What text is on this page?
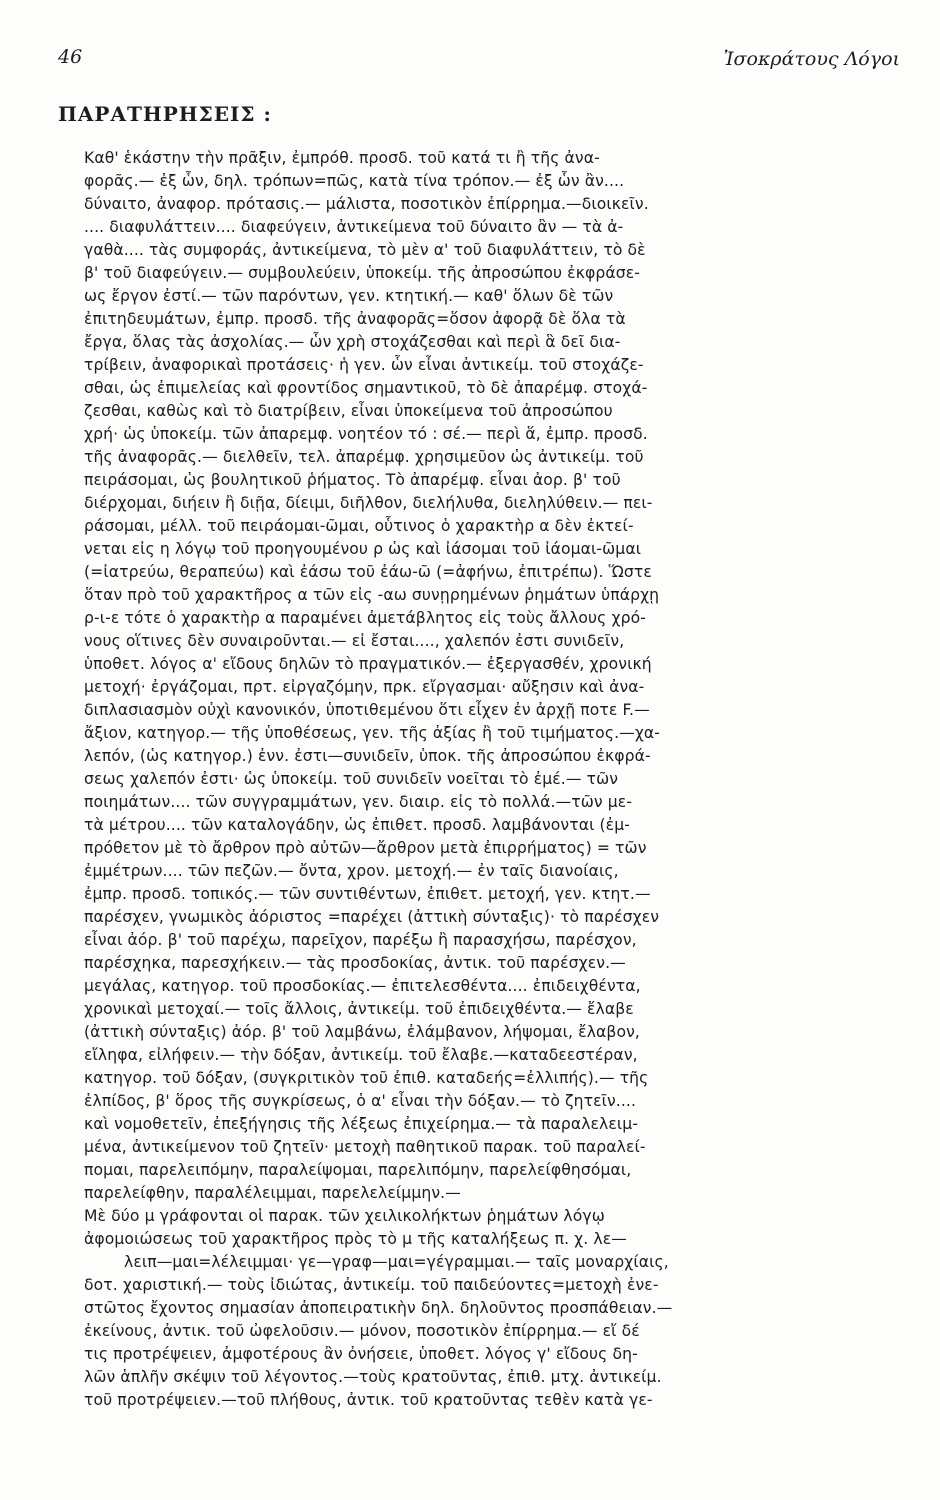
46	Ἰσοκράτους Λόγοι
ΠΑΡΑΤΗΡΗΣΕΙΣ :
Καθ' ἑκάστην τὴν πρᾶξιν, ἐμπρόθ. προσδ. τοῦ κατά τι ἢ τῆς ἀνα-
φορᾶς.— ἐξ ὧν, δηλ. τρόπων=πῶς, κατὰ τίνα τρόπον.— ἐξ ὧν ἂν....
δύναιτο, ἀναφορ. πρότασις.— μάλιστα, ποσοτικὸν ἐπίρρημα.—διοικεῖν.
.... διαφυλάττειν.... διαφεύγειν, ἀντικείμενα τοῦ δύναιτο ἂν — τὰ ἀ-
γαθὰ.... τὰς συμφοράς, ἀντικείμενα, τὸ μὲν α' τοῦ διαφυλάττειν, τὸ δὲ
β' τοῦ διαφεύγειν.— συμβουλεύειν, ὑποκείμ. τῆς ἀπροσώπου ἐκφράσε-
ως ἔργον ἐστί.— τῶν παρόντων, γεν. κτητική.— καθ' ὅλων δὲ τῶν
ἐπιτηδευμάτων, ἐμπρ. προσδ. τῆς ἀναφορᾶς=ὅσον ἀφορᾷ δὲ ὅλα τὰ
ἔργα, ὅλας τὰς ἀσχολίας.— ὧν χρὴ στοχάζεσθαι καὶ περὶ ἃ δεῖ δια-
τρίβειν, ἀναφορικαὶ προτάσεις· ἡ γεν. ὧν εἶναι ἀντικείμ. τοῦ στοχάζε-
σθαι, ὡς ἐπιμελείας καὶ φροντίδος σημαντικοῦ, τὸ δὲ ἀπαρέμφ. στοχά-
ζεσθαι, καθὼς καὶ τὸ διατρίβειν, εἶναι ὑποκείμενα τοῦ ἀπροσώπου
χρή· ὡς ὑποκείμ. τῶν ἀπαρεμφ. νοητέον τό : σέ.— περὶ ἅ, ἐμπρ. προσδ.
τῆς ἀναφορᾶς.— διελθεῖν, τελ. ἀπαρέμφ. χρησιμεῦον ὡς ἀντικείμ. τοῦ
πειράσομαι, ὡς βουλητικοῦ ῥήματος. Τὸ ἀπαρέμφ. εἶναι ἀορ. β' τοῦ
διέρχομαι, διήειν ἢ διῇα, δίειμι, διῆλθον, διελήλυθα, διεληλύθειν.— πει-
ράσομαι, μέλλ. τοῦ πειράομαι-ῶμαι, οὗτινος ὁ χαρακτὴρ α δὲν ἐκτεί-
νεται εἰς η λόγῳ τοῦ προηγουμένου ρ ὡς καὶ ἰάσομαι τοῦ ἰάομαι-ῶμαι
(=ἰατρεύω, θεραπεύω) καὶ ἐάσω τοῦ ἐάω-ῶ (=ἀφήνω, ἐπιτρέπω). Ὥστε
ὅταν πρὸ τοῦ χαρακτῆρος α τῶν εἰς -αω συνῃρημένων ῥημάτων ὑπάρχῃ
ρ-ι-ε τότε ὁ χαρακτὴρ α παραμένει ἀμετάβλητος εἰς τοὺς ἄλλους χρό-
νους οἵτινες δὲν συναιροῦνται.— εἰ ἔσται...., χαλεπόν ἐστι συνιδεῖν,
ὑποθετ. λόγος α' εἴδους δηλῶν τὸ πραγματικόν.— ἐξεργασθέν, χρονική
μετοχή· ἐργάζομαι, πρτ. εἰργαζόμην, πρκ. εἴργασμαι· αὔξησιν καὶ ἀνα-
διπλασιασμὸν οὐχὶ κανονικόν, ὑποτιθεμένου ὅτι εἶχεν ἐν ἀρχῇ ποτε F.—
ἄξιον, κατηγορ.— τῆς ὑποθέσεως, γεν. τῆς ἀξίας ἢ τοῦ τιμήματος.—χα-
λεπόν, (ὡς κατηγορ.) ἐνν. ἐστι—συνιδεῖν, ὑποκ. τῆς ἀπροσώπου ἐκφρά-
σεως χαλεπόν ἐστι· ὡς ὑποκείμ. τοῦ συνιδεῖν νοεῖται τὸ ἐμέ.— τῶν
ποιημάτων.... τῶν συγγραμμάτων, γεν. διαιρ. εἰς τὸ πολλά.—τῶν με-
τὰ μέτρου.... τῶν καταλογάδην, ὡς ἐπιθετ. προσδ. λαμβάνονται (ἐμ-
πρόθετον μὲ τὸ ἄρθρον πρὸ αὐτῶν—ἄρθρον μετὰ ἐπιρρήματος) = τῶν
ἐμμέτρων.... τῶν πεζῶν.— ὄντα, χρον. μετοχή.— ἐν ταῖς διανοίαις,
ἐμπρ. προσδ. τοπικός.— τῶν συντιθέντων, ἐπιθετ. μετοχή, γεν. κτητ.—
παρέσχεν, γνωμικὸς ἀόριστος =παρέχει (ἀττικὴ σύνταξις)· τὸ παρέσχεν
εἶναι ἀόρ. β' τοῦ παρέχω, παρεῖχον, παρέξω ἢ παρασχήσω, παρέσχον,
παρέσχηκα, παρεσχήκειν.— τὰς προσδοκίας, ἀντικ. τοῦ παρέσχεν.—
μεγάλας, κατηγορ. τοῦ προσδοκίας.— ἐπιτελεσθέντα.... ἐπιδειχθέντα,
χρονικαὶ μετοχαί.— τοῖς ἄλλοις, ἀντικείμ. τοῦ ἐπιδειχθέντα.— ἔλαβε
(ἀττικὴ σύνταξις) ἀόρ. β' τοῦ λαμβάνω, ἐλάμβανον, λήψομαι, ἔλαβον,
εἴληφα, εἰλήφειν.— τὴν δόξαν, ἀντικείμ. τοῦ ἔλαβε.—καταδεεστέραν,
κατηγορ. τοῦ δόξαν, (συγκριτικὸν τοῦ ἐπιθ. καταδεής=ἐλλιπής).— τῆς
ἐλπίδος, β' ὅρος τῆς συγκρίσεως, ὁ α' εἶναι τὴν δόξαν.— τὸ ζητεῖν....
καὶ νομοθετεῖν, ἐπεξήγησις τῆς λέξεως ἐπιχείρημα.— τὰ παραλελειμ-
μένα, ἀντικείμενον τοῦ ζητεῖν· μετοχὴ παθητικοῦ παρακ. τοῦ παραλεί-
πομαι, παρελειπόμην, παραλείψομαι, παρελιπόμην, παρελείφθησόμαι,
παρελείφθην, παραλέλειμμαι, παρελελείμμην.—
Μὲ δύο μ γράφονται οἱ παρακ. τῶν χειλικολήκτων ῥημάτων λόγῳ
ἀφομοιώσεως τοῦ χαρακτῆρος πρὸς τὸ μ τῆς καταλήξεως π. χ. λε—
λειπ—μαι=λέλειμμαι· γε—γραφ—μαι=γέγραμμαι.— ταῖς μοναρχίαις,
δοτ. χαριστική.— τοὺς ἰδιώτας, ἀντικείμ. τοῦ παιδεύοντες=μετοχὴ ἐνε-
στῶτος ἔχοντος σημασίαν ἀποπειρατικὴν δηλ. δηλοῦντος προσπάθειαν.—
ἐκείνους, ἀντικ. τοῦ ὠφελοῦσιν.— μόνον, ποσοτικὸν ἐπίρρημα.— εἴ δέ
τις προτρέψειεν, ἀμφοτέρους ἂν ὀνήσειε, ὑποθετ. λόγος γ' εἴδους δη-
λῶν ἁπλῆν σκέψιν τοῦ λέγοντος.—τοὺς κρατοῦντας, ἐπιθ. μτχ. ἀντικείμ.
τοῦ προτρέψειεν.—τοῦ πλήθους, ἀντικ. τοῦ κρατοῦντας τεθὲν κατὰ γε-
